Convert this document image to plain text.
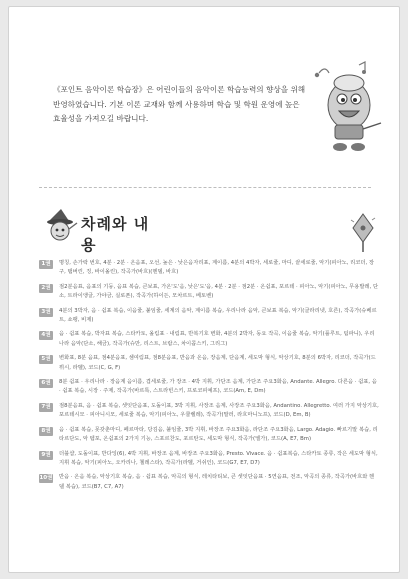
《포인트 음악이론 학습장》은 어린이들의 음악이론 학습능력의 향상을 위해 반영하였습니다. 기본 이론 교재와 함께 사용하며 학습 및 학원 운영에 높은 효율성을 가져오길 바랍니다.
차례와 내용
1권	명칭, 손가락 번호, 4분 · 2분 · 온음표, 오선, 높은 · 낮은음자리표, 계이름, 4분의 4박자, 세로줄, 마디, 끝세로줄, 악기(피아노, 리코더, 장구, 탬버린, 징, 바이올린), 작곡가(바흐)(헨델, 바흐)
2권	점2분음표, 음표의 기둥, 음표 복습, 큰보표, 가온'도'음, 낮은'도'음, 4분 · 2분 · 점2분 · 온쉼표, 포르테 · 피아노, 악기(피아노, 무용발레, 단소, 트라이앵글, 가야금, 실로폰), 작곡가(하이든, 모차르트, 베토벤)
3권	4분의 3박자, 음 · 쉼표 복습, 이음줄, 붙임줄, 세계의 음악, 계이름 복습, 우리나라 음악, 큰보표 복습, 악기(클라리넷, 호른), 작곡가(슈베르트, 쇼팽, 비제)
4권	음 · 쉼표 복습, 박자표 복습, 스타카토, 올림표 · 내림표, 반복기호 변화, 4분의 2박자, 동요 작곡, 이음줄 복습, 악기(플루트, 팀파니), 우리나라 음악(단소, 해금), 작곡가(슈만, 리스트, 브람스, 차이콥스키, 그리그)
5권	변화표, 8분 음표, 점4분음표, 셈여림표, 점8분음표, 반음과 온음, 장음계, 단음계, 세도막 형식, 악상기호, 8분의 6박자, 리코더, 작곡가(드뷔시, 라벨), 코드(C, G, F)
6권	8분 쉼표 · 우리나라 · 장음계 음이름, 겹세로줄, 가 장조 · 4박 지휘, 가단조 음계, 가단조 주요3화음, Andante. Allegro. 다른음 · 쉼표, 음 · 쉼표 복습, 시장 · 주제, 작곡가(바르톡, 스트라빈스키, 프로코피예프), 코드(Am, E, Dm)
7권	점8분음표, 음 · 쉼표 복습, 셋잇단음표, 도돌이표, 3박 지휘, 사장조 음계, 사장조 주요3화음, Andantino. Allegretto. 여러 가지 악상기호, 포르테시모 · 피아니시모, 세로줄 복습, 악기(피아노, 우쿨렐레), 작곡가(말러, 라흐마니노프), 코드(D, Em, B)
8권	음 · 쉼표 복습, 못갖춘마디, 페르마타, 당김음, 붙임줄, 3박 지휘, 바장조 주요3화음, 라단조 주요3화음, Largo. Adagio. 빠르기말 복습, 리타르단도, 악 템포, 온쉼표의 2가지 기능, 스포르찬도, 포르탄도, 세도막 형식, 작곡가(엘가), 코드(A, E7, Bm)
9권	더블샵, 도돌이표, 반다잉(6), 4박 지휘, 바장조 음계, 바장조 주요3화음, Presto. Vivace. 음 · 쉼표복습, 스타카토 종류, 작은 세도막 형식, 지휘 복습, 악기(피아노, 오카리나, 첼레스타), 작곡가(라벨, 거쉬인), 코드(G7, E7, D7)
10권 반음 · 온음 복습, 악상기호 복습, 음 · 쉼표 복습, 악곡의 형식, 레치타티보, 큰 셋잇단음표 · 5연음표, 전조, 악곡의 종류, 작곡가(바흐와 헨델 복습), 코드(B7, C7, A7)
